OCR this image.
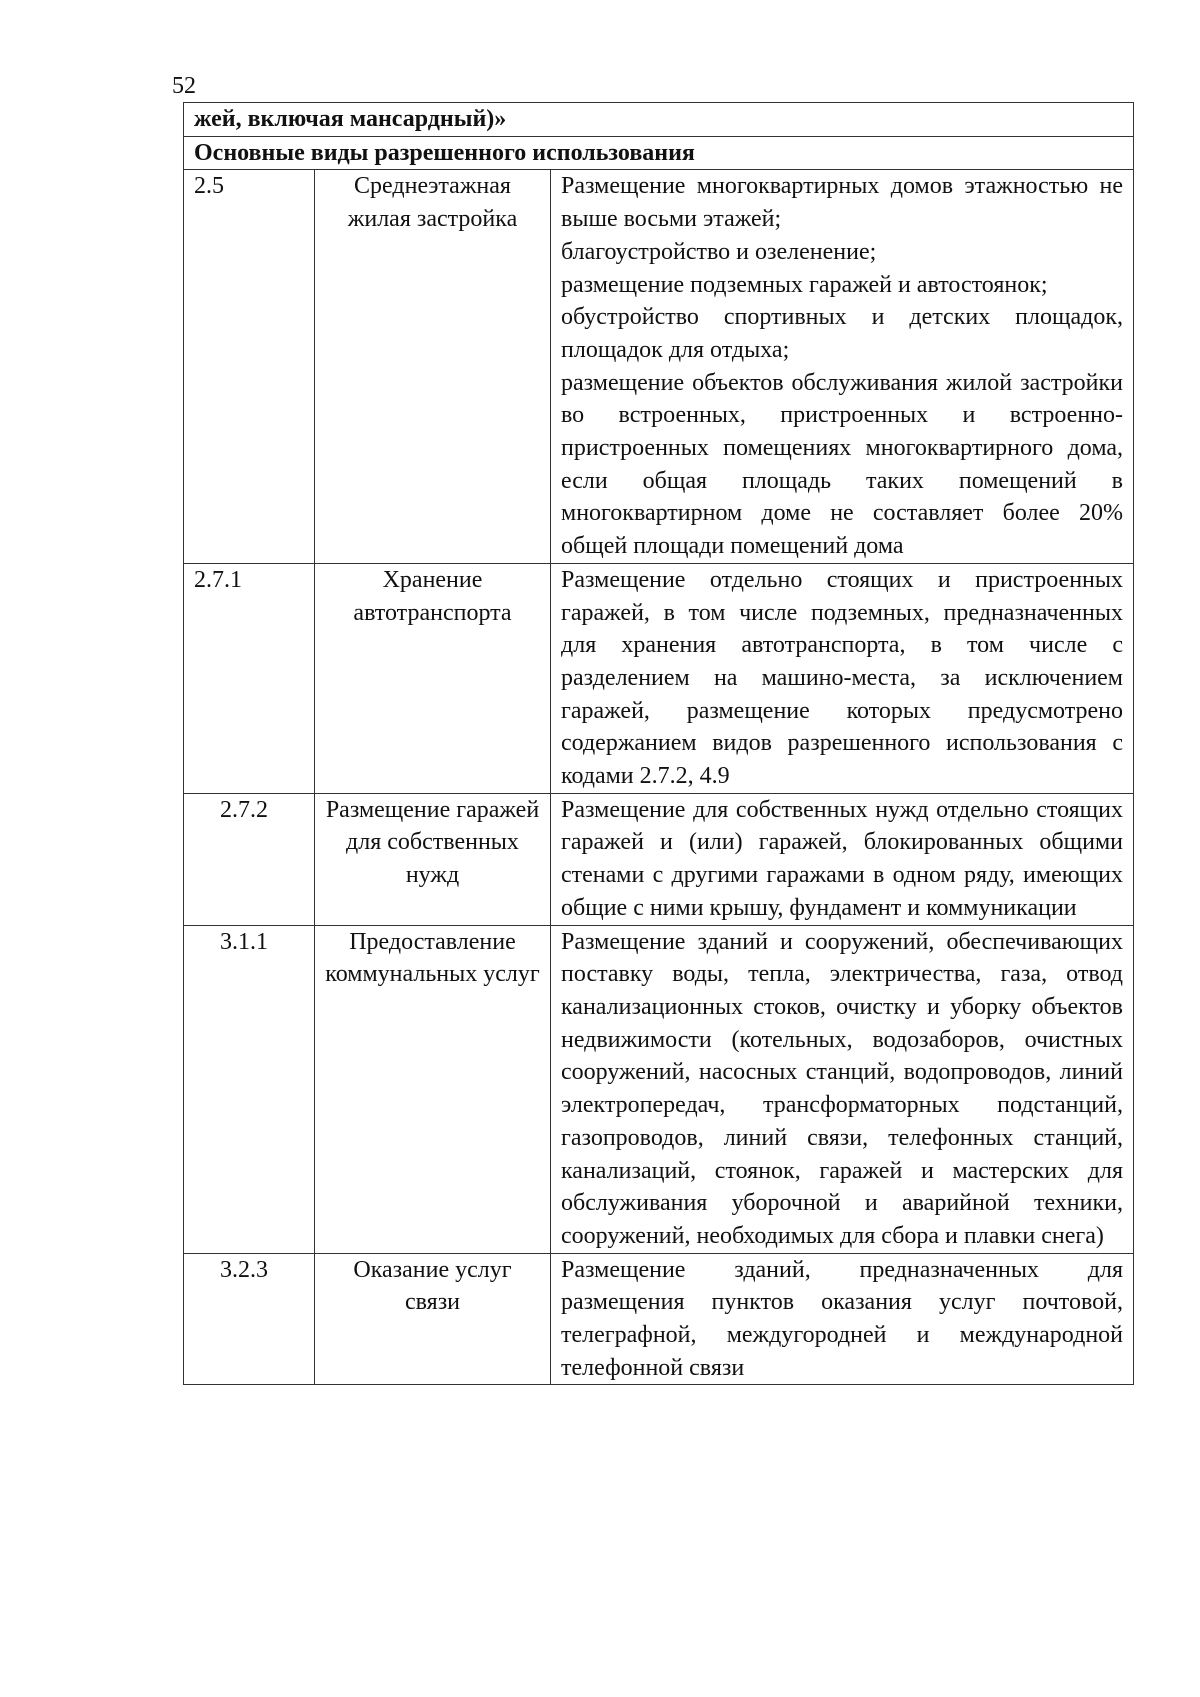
52
жей, включая мансардный)»		
Основные виды разрешенного использования		
2.5	Среднеэтажная жилая застройка	Размещение многоквартирных домов этажностью не выше восьми этажей;
благоустройство и озеленение;
размещение подземных гаражей и автостоянок;
обустройство спортивных и детских площадок, площадок для отдыха;
размещение объектов обслуживания жилой застройки во встроенных, пристроенных и встроенно-пристроенных помещениях многоквартирного дома, если общая площадь таких помещений в многоквартирном доме не составляет более 20% общей площади помещений дома

2.7.1	Хранение автотранспорта	Размещение отдельно стоящих и пристроенных гаражей, в том числе подземных, предназначенных для хранения автотранспорта, в том числе с разделением на машино-места, за исключением гаражей, размещение которых предусмотрено содержанием видов разрешенного использования с кодами 2.7.2, 4.9

2.7.2	Размещение гаражей для собственных нужд	Размещение для собственных нужд отдельно стоящих гаражей и (или) гаражей, блокированных общими стенами с другими гаражами в одном ряду, имеющих общие с ними крышу, фундамент и коммуникации

3.1.1	Предоставление коммунальных услуг	Размещение зданий и сооружений, обеспечивающих поставку воды, тепла, электричества, газа, отвод канализационных стоков, очистку и уборку объектов недвижимости (котельных, водозаборов, очистных сооружений, насосных станций, водопроводов, линий электропередач, трансформаторных подстанций, газопроводов, линий связи, телефонных станций, канализаций, стоянок, гаражей и мастерских для обслуживания уборочной и аварийной техники, сооружений, необходимых для сбора и плавки снега)

3.2.3	Оказание услуг связи	Размещение зданий, предназначенных для размещения пунктов оказания услуг почтовой, телеграфной, междугородней и международной телефонной связи
